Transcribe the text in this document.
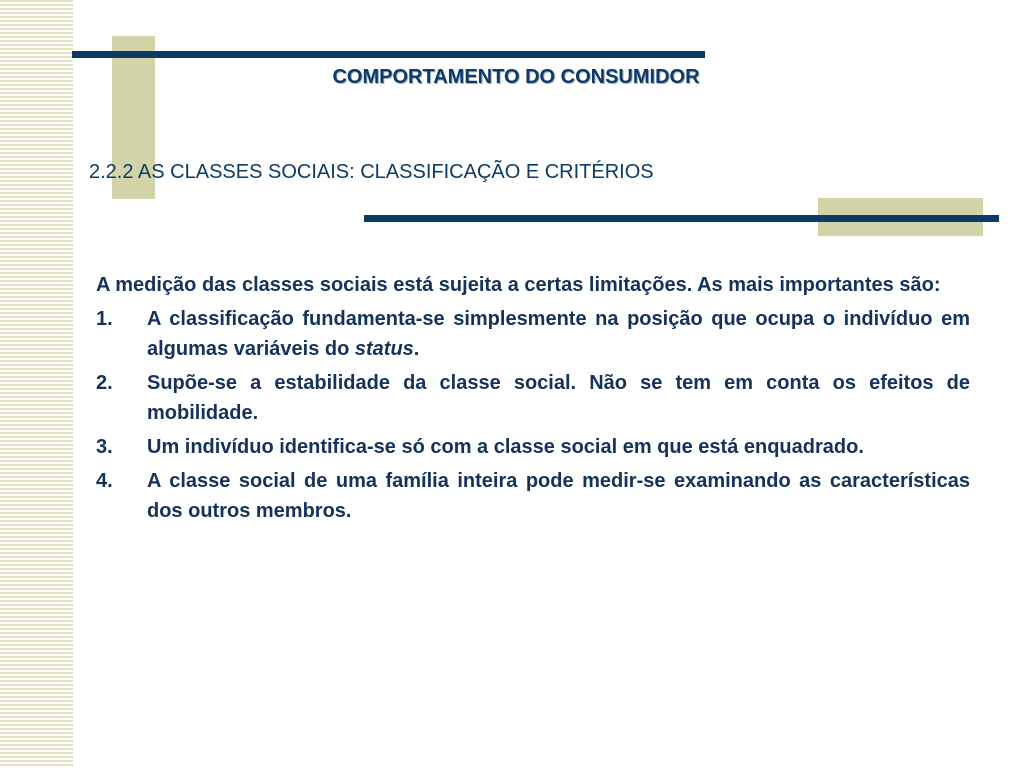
COMPORTAMENTO DO CONSUMIDOR
2.2.2 AS CLASSES SOCIAIS: CLASSIFICAÇÃO E CRITÉRIOS

A medição das classes sociais está sujeita a certas limitações. As mais importantes são:

1.	A classificação fundamenta-se simplesmente na posição que ocupa o indivíduo em algumas variáveis do status.
2.	Supõe-se a estabilidade da classe social. Não se tem em conta os efeitos de mobilidade.
3.	Um indivíduo identifica-se só com a classe social em que está enquadrado.
4.	A classe social de uma família inteira pode medir-se examinando as características dos outros membros.
